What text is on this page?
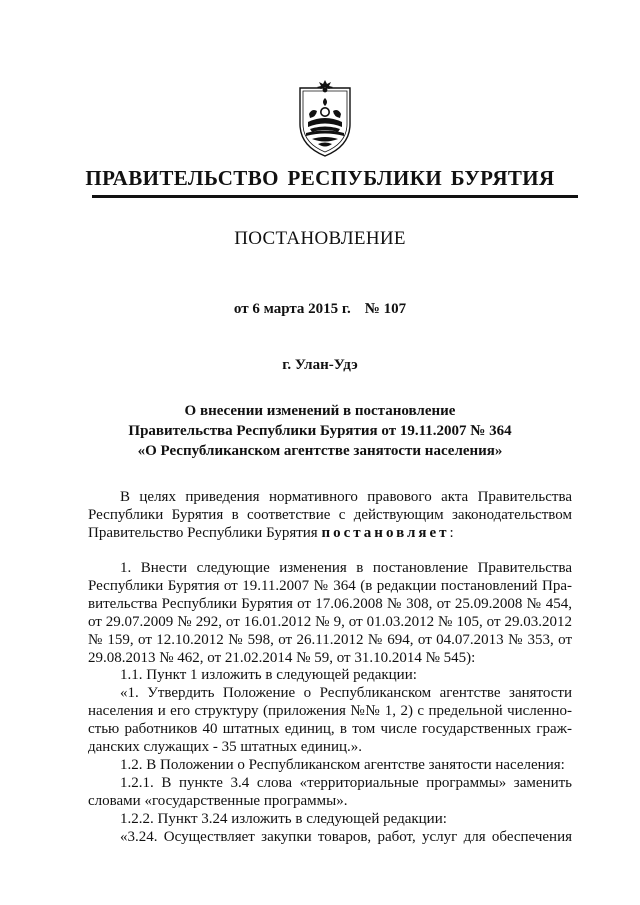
ПРАВИТЕЛЬСТВО РЕСПУБЛИКИ БУРЯТИЯ
ПОСТАНОВЛЕНИЕ
от 6 марта 2015 г. № 107
г. Улан-Удэ
О внесении изменений в постановление
Правительства Республики Бурятия от 19.11.2007 № 364
«О Республиканском агентстве занятости населения»
В целях приведения нормативного правового акта Правительства
Республики Бурятия в соответствие с действующим законодательством
Правительство Республики Бурятия постановляет:
1. Внести следующие изменения в постановление Правительства
Республики Бурятия от 19.11.2007 № 364 (в редакции постановлений Пра-
вительства Республики Бурятия от 17.06.2008 № 308, от 25.09.2008 № 454,
от 29.07.2009 № 292, от 16.01.2012 № 9, от 01.03.2012 № 105, от 29.03.2012
№ 159, от 12.10.2012 № 598, от 26.11.2012 № 694, от 04.07.2013 № 353, от
29.08.2013 № 462, от 21.02.2014 № 59, от 31.10.2014 № 545):
1.1. Пункт 1 изложить в следующей редакции:
«1. Утвердить Положение о Республиканском агентстве занятости
населения и его структуру (приложения №№ 1, 2) с предельной численно-
стью работников 40 штатных единиц, в том числе государственных граж-
данских служащих - 35 штатных единиц.».
1.2. В Положении о Республиканском агентстве занятости населения:
1.2.1. В пункте 3.4 слова «территориальные программы» заменить
словами «государственные программы».
1.2.2. Пункт 3.24 изложить в следующей редакции:
«3.24. Осуществляет закупки товаров, работ, услуг для обеспечения
